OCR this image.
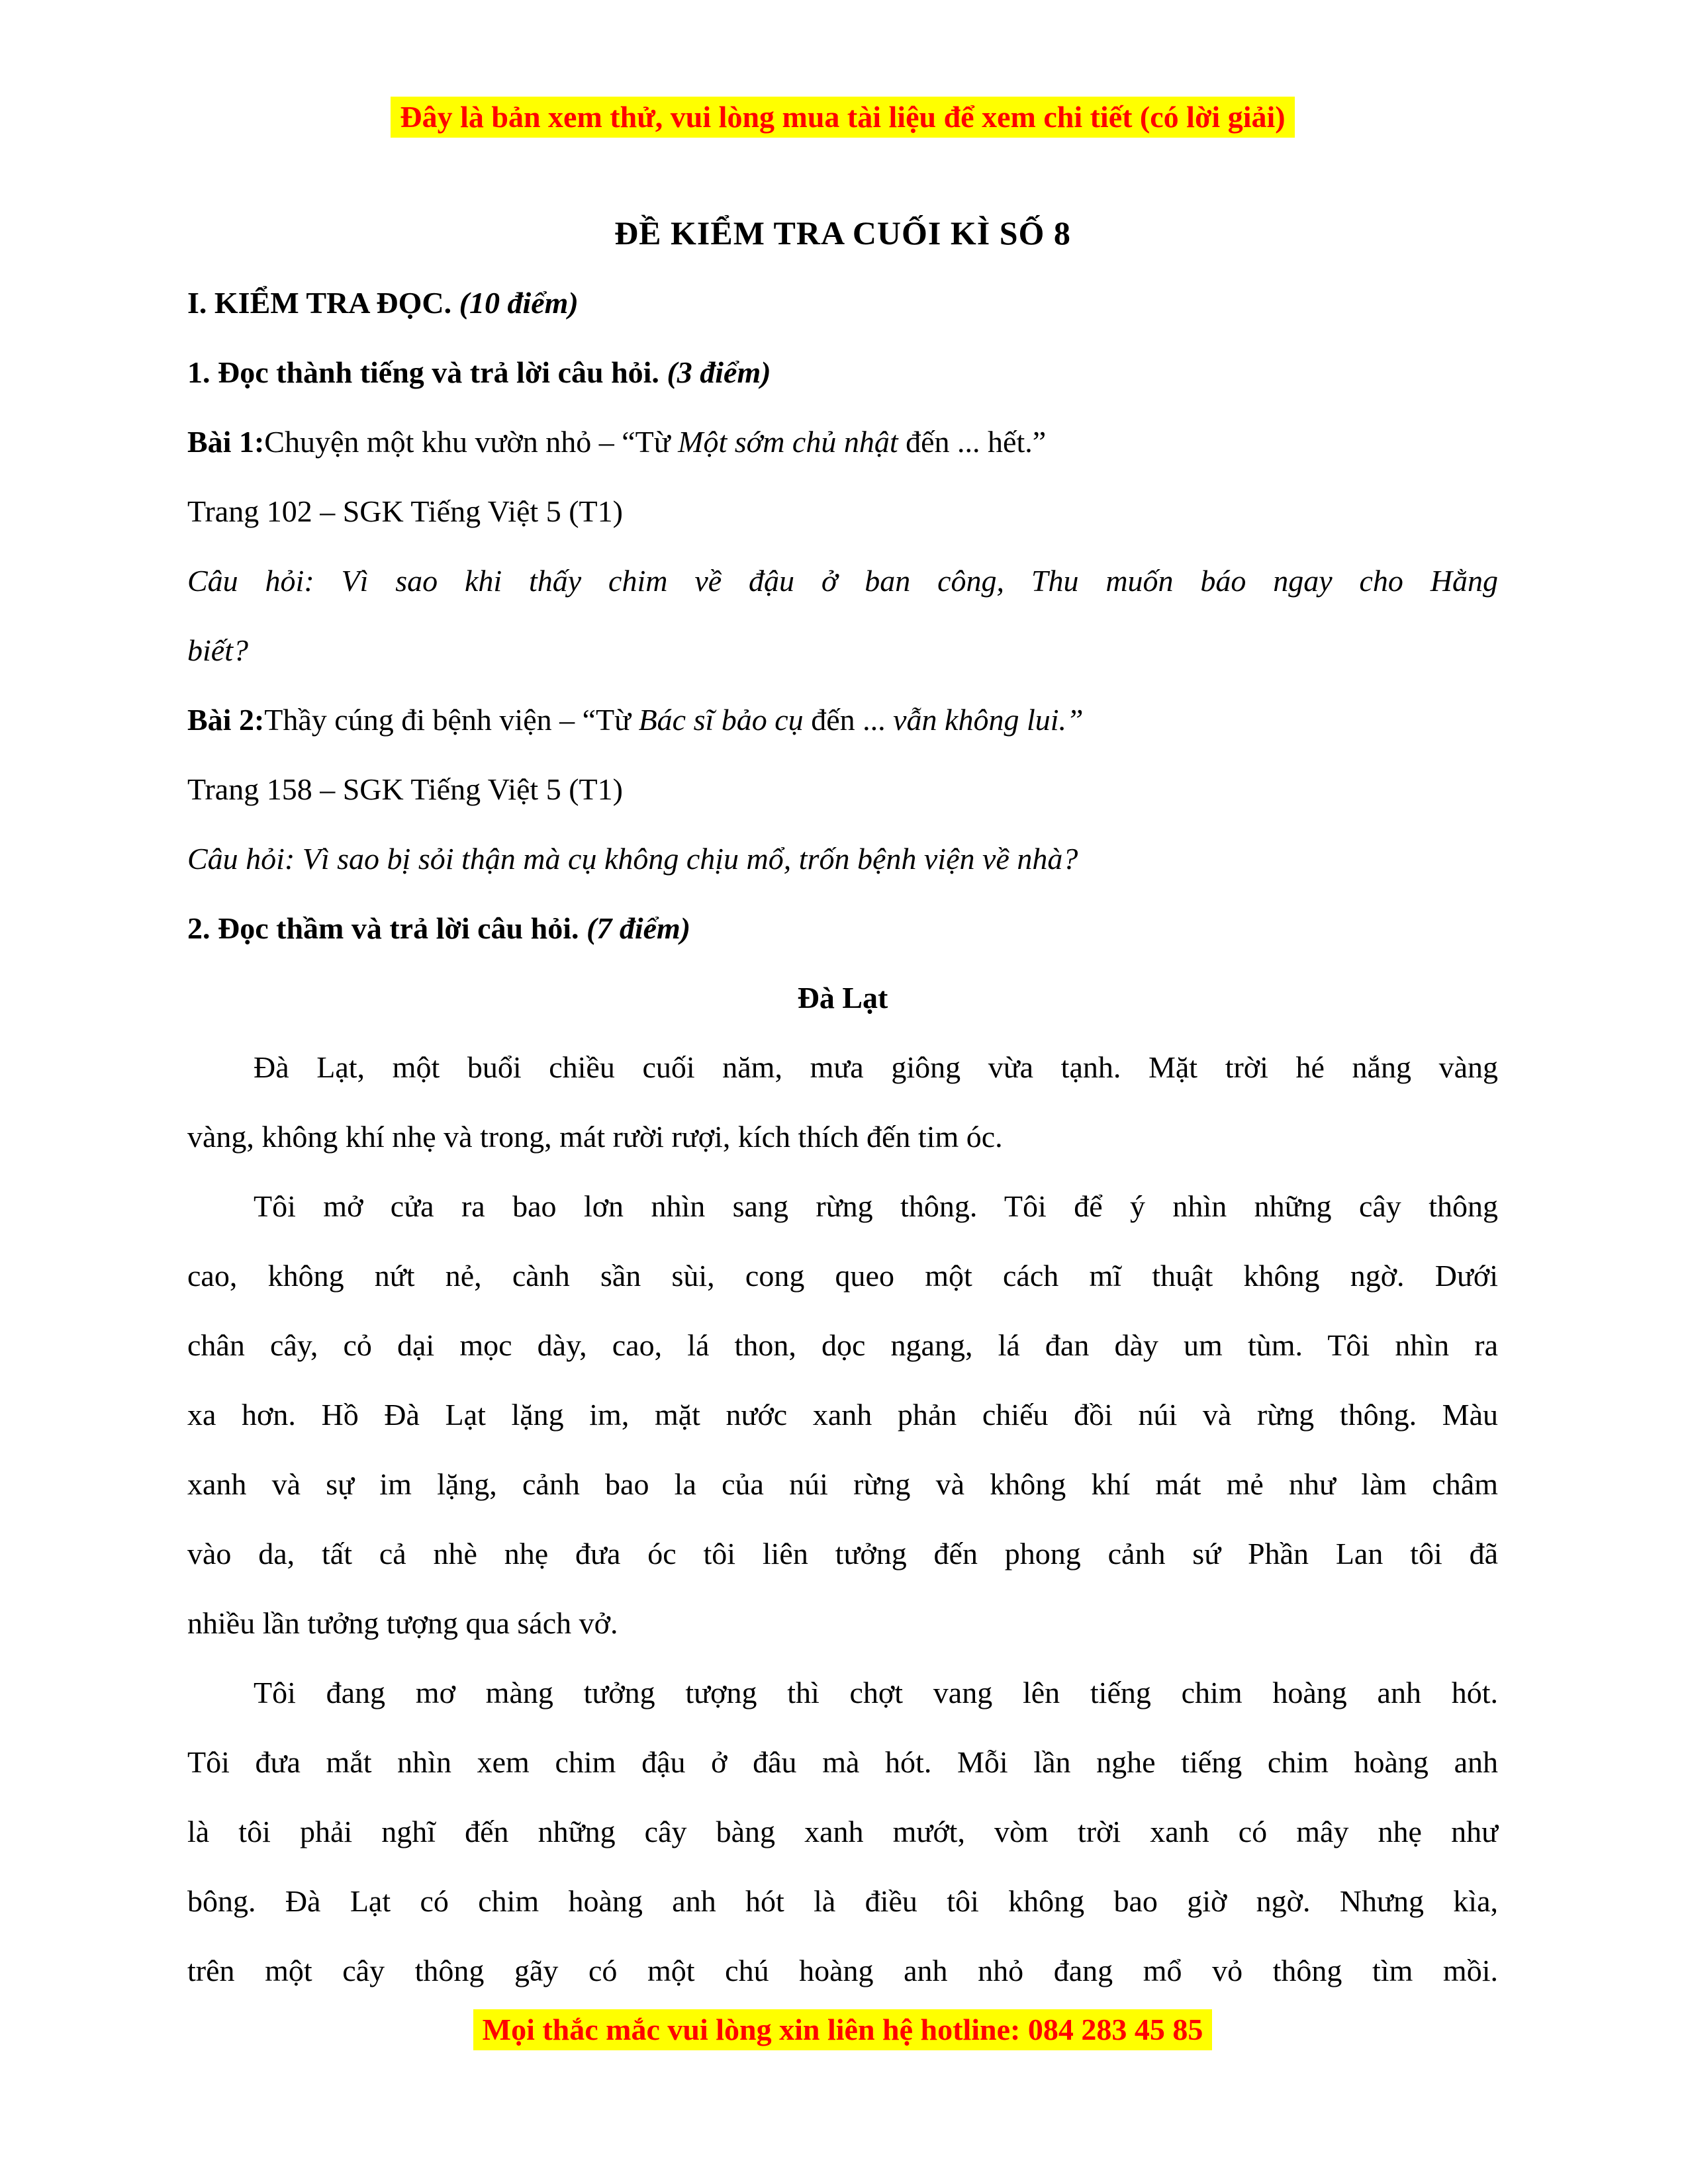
Đây là bản xem thử, vui lòng mua tài liệu để xem chi tiết (có lời giải)
ĐỀ KIỂM TRA CUỐI KÌ SỐ 8
I. KIỂM TRA ĐỌC. (10 điểm)
1. Đọc thành tiếng và trả lời câu hỏi. (3 điểm)
Bài 1:Chuyện một khu vườn nhỏ – “Từ Một sớm chủ nhật đến ... hết.”
Trang 102 – SGK Tiếng Việt 5 (T1)
Câu hỏi: Vì sao khi thấy chim về đậu ở ban công, Thu muốn báo ngay cho Hằng
biết?
Bài 2:Thầy cúng đi bệnh viện – “Từ Bác sĩ bảo cụ đến ... vẫn không lui.”
Trang 158 – SGK Tiếng Việt 5 (T1)
Câu hỏi: Vì sao bị sỏi thận mà cụ không chịu mổ, trốn bệnh viện về nhà?
2. Đọc thầm và trả lời câu hỏi. (7 điểm)
Đà Lạt
Đà Lạt, một buổi chiều cuối năm, mưa giông vừa tạnh. Mặt trời hé nắng vàng
vàng, không khí nhẹ và trong, mát rười rượi, kích thích đến tim óc.
Tôi mở cửa ra bao lơn nhìn sang rừng thông. Tôi để ý nhìn những cây thông
cao, không nứt nẻ, cành sần sùi, cong queo một cách mĩ thuật không ngờ. Dưới
chân cây, cỏ dại mọc dày, cao, lá thon, dọc ngang, lá đan dày um tùm. Tôi nhìn ra
xa hơn. Hồ Đà Lạt lặng im, mặt nước xanh phản chiếu đồi núi và rừng thông. Màu
xanh và sự im lặng, cảnh bao la của núi rừng và không khí mát mẻ như làm châm
vào da, tất cả nhè nhẹ đưa óc tôi liên tưởng đến phong cảnh sứ Phần Lan tôi đã
nhiều lần tưởng tượng qua sách vở.
Tôi đang mơ màng tưởng tượng thì chợt vang lên tiếng chim hoàng anh hót.
Tôi đưa mắt nhìn xem chim đậu ở đâu mà hót. Mỗi lần nghe tiếng chim hoàng anh
là tôi phải nghĩ đến những cây bàng xanh mướt, vòm trời xanh có mây nhẹ như
bông. Đà Lạt có chim hoàng anh hót là điều tôi không bao giờ ngờ. Nhưng kìa,
trên một cây thông gãy có một chú hoàng anh nhỏ đang mổ vỏ thông tìm mồi.
Mọi thắc mắc vui lòng xin liên hệ hotline: 084 283 45 85
